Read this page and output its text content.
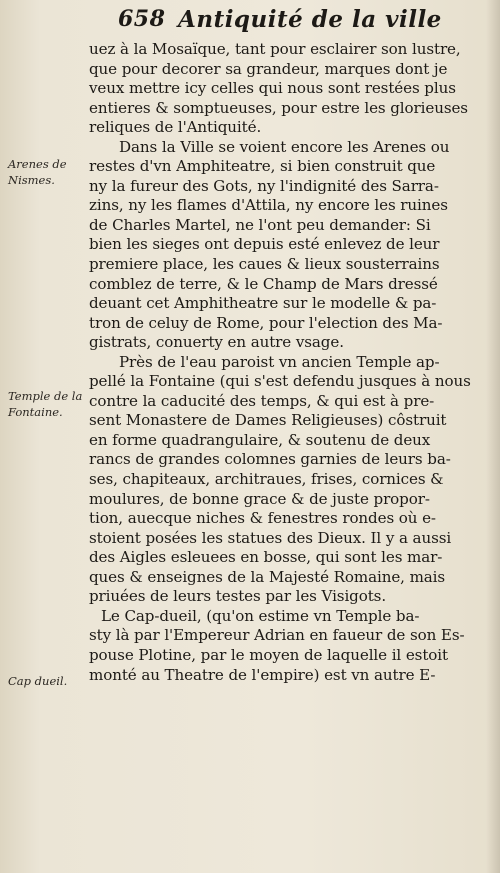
658 Antiquité de la ville
Arenes de Nismes.
Temple de la Fontaine.
Cap dueil.
uez à la Mosaïque, tant pour esclairer son lustre,
que pour decorer sa grandeur, marques dont je
veux mettre icy celles qui nous sont restées plus
entieres & somptueuses, pour estre les glorieuses
reliques de l'Antiquité.
Dans la Ville se voient encore les Arenes ou
restes d'vn Amphiteatre, si bien construit que
ny la fureur des Gots, ny l'indignité des Sarra-
zins, ny les flames d'Attila, ny encore les ruines
de Charles Martel, ne l'ont peu demander: Si
bien les sieges ont depuis esté enlevez de leur
premiere place, les caues & lieux sousterrains
comblez de terre, & le Champ de Mars dressé
deuant cet Amphitheatre sur le modelle & pa-
tron de celuy de Rome, pour l'election des Ma-
gistrats, conuerty en autre vsage.
Près de l'eau paroist vn ancien Temple ap-
pellé la Fontaine (qui s'est defendu jusques à nous
contre la caducité des temps, & qui est à pre-
sent Monastere de Dames Religieuses) côstruit
en forme quadrangulaire, & soutenu de deux
rancs de grandes colomnes garnies de leurs ba-
ses, chapiteaux, architraues, frises, cornices &
moulures, de bonne grace & de juste propor-
tion, auecque niches & fenestres rondes où e-
stoient posées les statues des Dieux. Il y a aussi
des Aigles esleuees en bosse, qui sont les mar-
ques & enseignes de la Majesté Romaine, mais
priuées de leurs testes par les Visigots.
Le Cap-dueil, (qu'on estime vn Temple ba-
sty là par l'Empereur Adrian en faueur de son Es-
pouse Plotine, par le moyen de laquelle il estoit
monté au Theatre de l'empire) est vn autre E-
